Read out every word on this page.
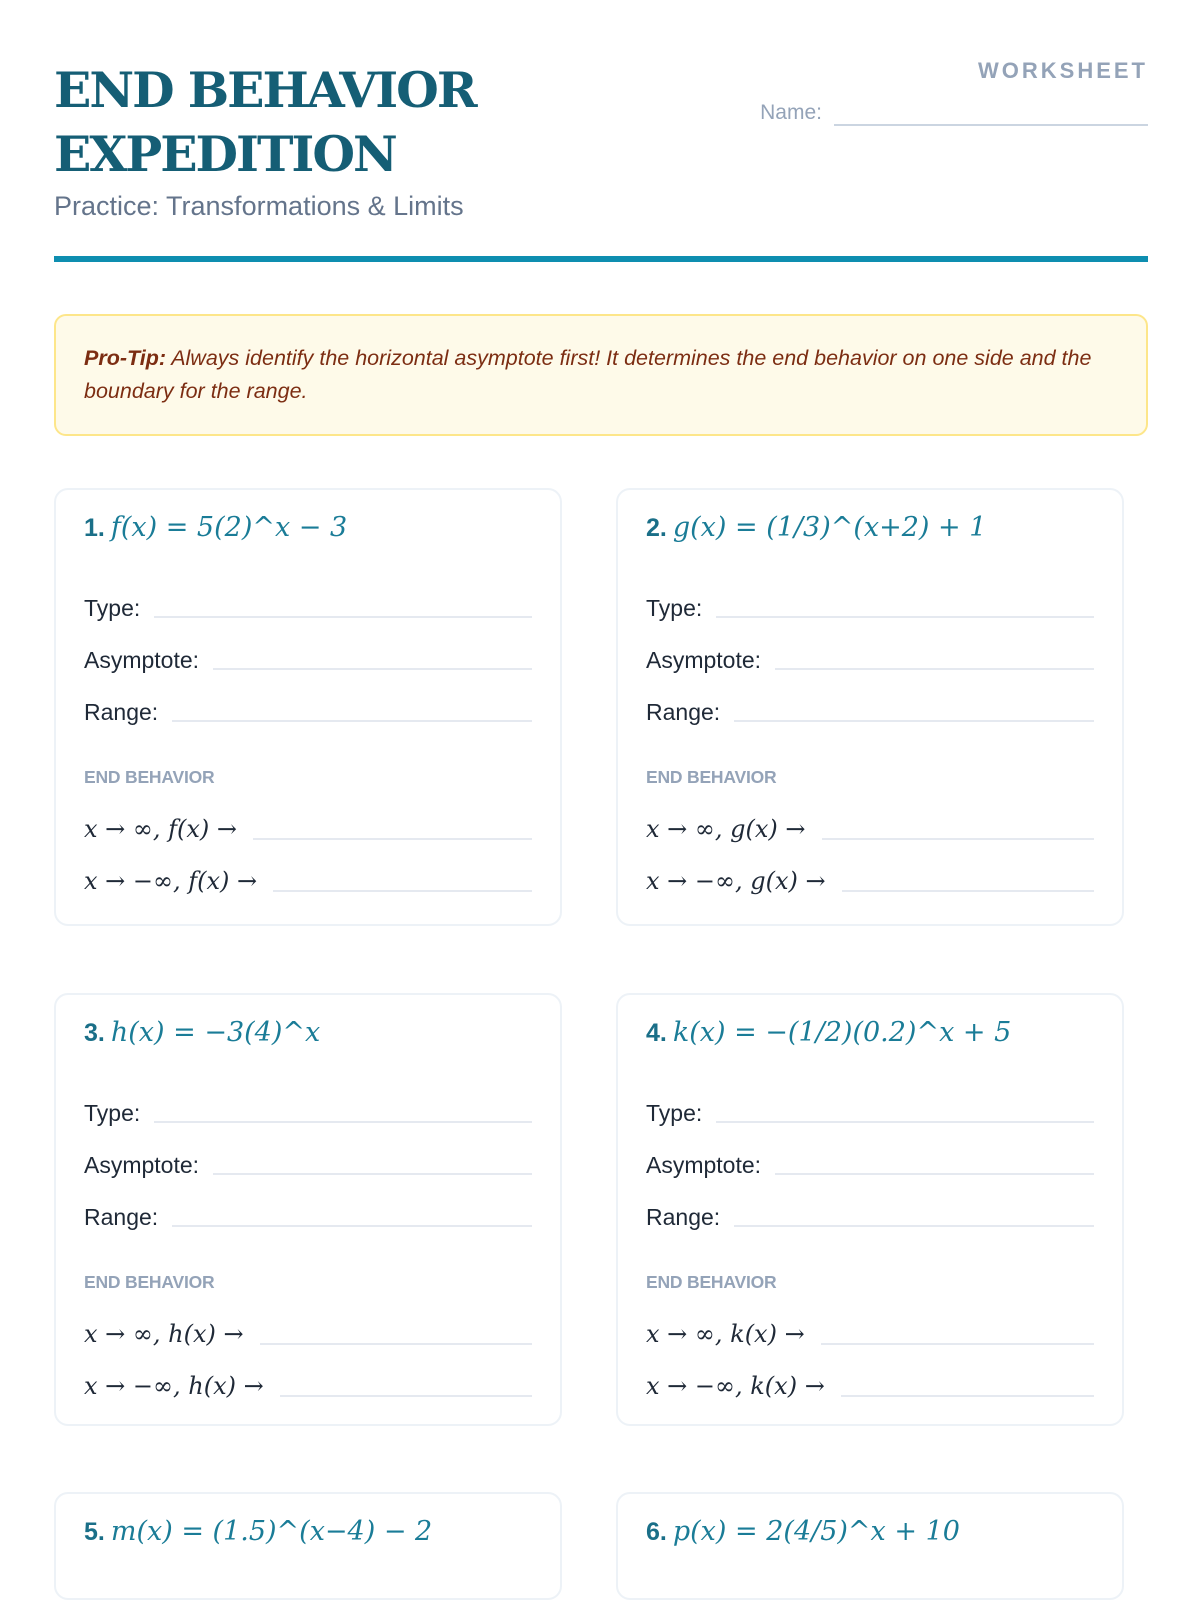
END BEHAVIOR
EXPEDITION
Practice: Transformations & Limits
WORKSHEET
Name:
Pro-Tip: Always identify the horizontal asymptote first! It determines the end behavior on one side and the boundary for the range.
1. f(x) = 5(2)^x − 3
Type:
Asymptote:
Range:
END BEHAVIOR
x → ∞, f(x) →
x → −∞, f(x) →
2. g(x) = (1/3)^(x+2) + 1
Type:
Asymptote:
Range:
END BEHAVIOR
x → ∞, g(x) →
x → −∞, g(x) →
3. h(x) = −3(4)^x
Type:
Asymptote:
Range:
END BEHAVIOR
x → ∞, h(x) →
x → −∞, h(x) →
4. k(x) = −(1/2)(0.2)^x + 5
Type:
Asymptote:
Range:
END BEHAVIOR
x → ∞, k(x) →
x → −∞, k(x) →
5. m(x) = (1.5)^(x−4) − 2	6. p(x) = 2(4/5)^x + 10
